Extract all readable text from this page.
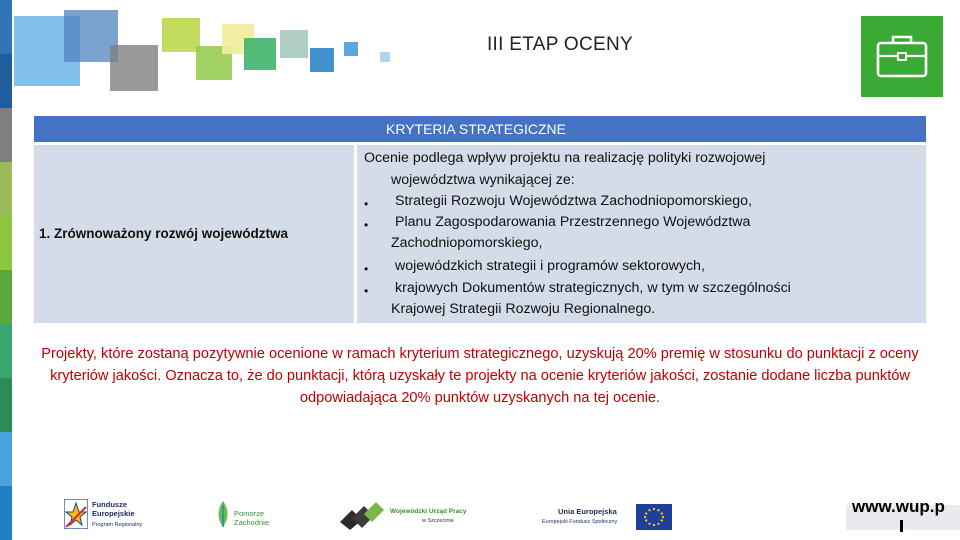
III ETAP OCENY
KRYTERIA STRATEGICZNE
1. Zrównoważony rozwój województwa
Ocenie podlega wpływ projektu na realizację polityki rozwojowej
województwa wynikającej ze:
• Strategii Rozwoju Województwa Zachodniopomorskiego,
• Planu Zagospodarowania Przestrzennego Województwa
Zachodniopomorskiego,
• wojewódzkich strategii i programów sektorowych,
• krajowych Dokumentów strategicznych, w tym w szczególności
Krajowej Strategii Rozwoju Regionalnego.
Projekty, które zostaną pozytywnie ocenione w ramach kryterium strategicznego, uzyskują 20% premię w stosunku do punktacji z oceny kryteriów jakości. Oznacza to, że do punktacji, którą uzyskały te projekty na ocenie kryteriów jakości, zostanie dodane liczba punktów odpowiadająca 20% punktów uzyskanych na tej ocenie.
Fundusze
Europejskie
Program Regionalny
Pomorze
Zachodnie
Wojewódzki Urząd Pracy
w Szczecinie
Unia Europejska
Europejski Fundusz Społeczny
www.wup.p
